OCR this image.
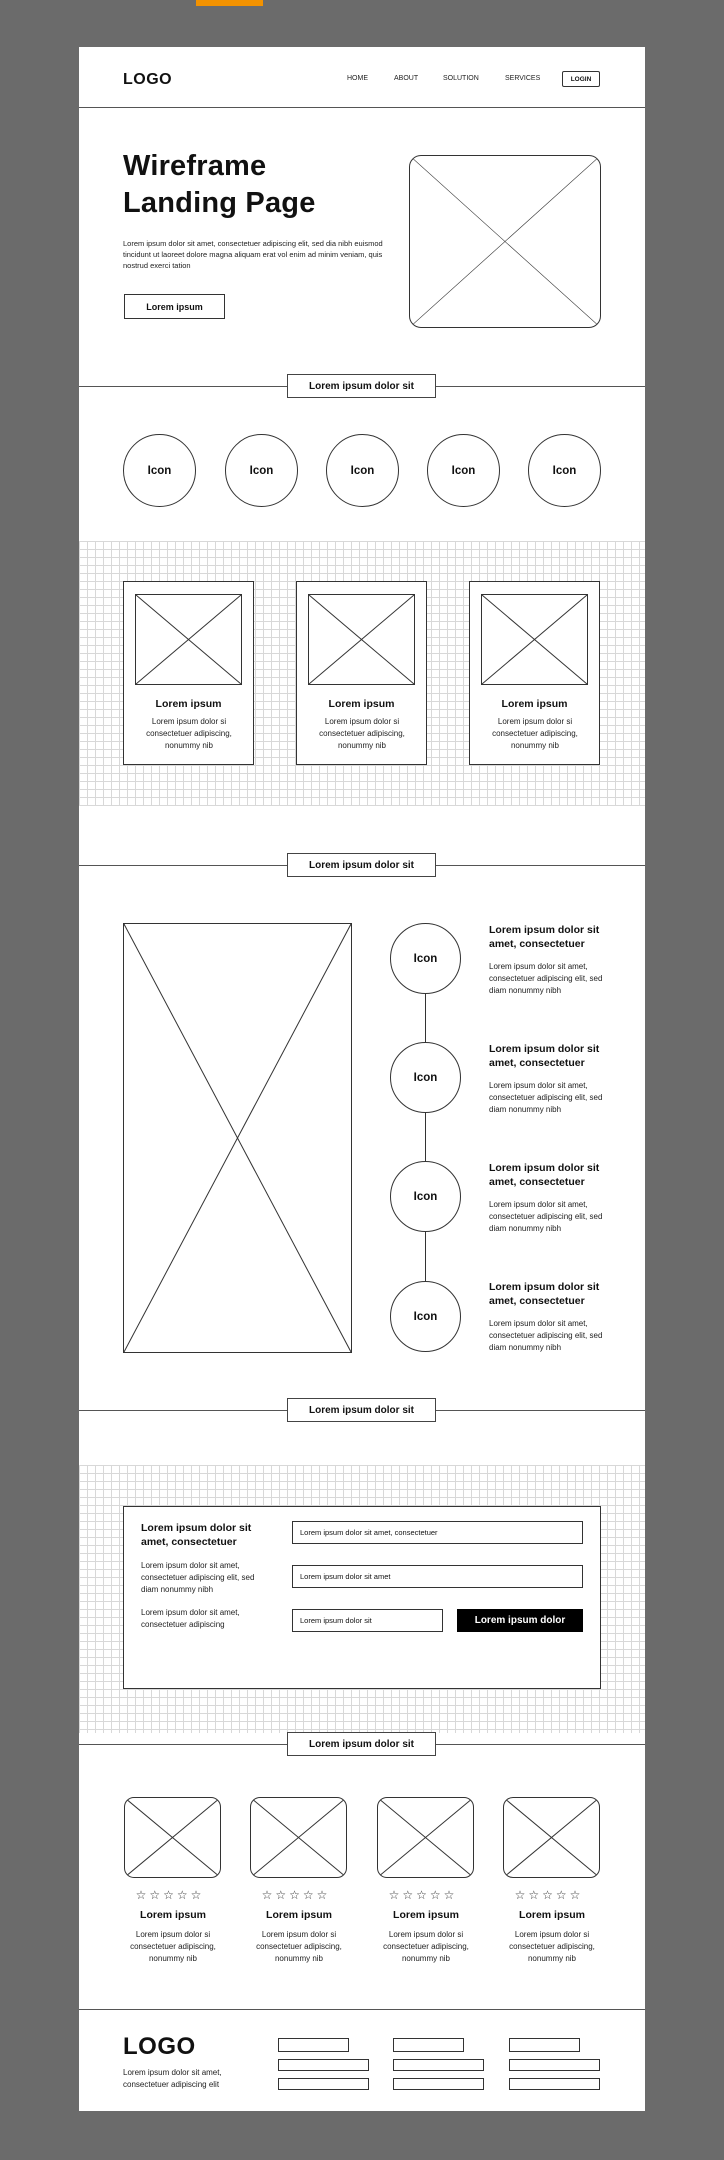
LOGO	HOME	ABOUT	SOLUTION	SERVICES	LOGIN
Wireframe
Landing Page
Lorem ipsum dolor sit amet, consectetuer adipiscing elit, sed dia nibh euismod tincidunt ut laoreet dolore magna aliquam erat vol enim ad minim veniam, quis nostrud exerci tation
Lorem ipsum
Lorem ipsum dolor sit
Icon	Icon	Icon	Icon	Icon
Lorem ipsum
Lorem ipsum dolor si consectetuer adipiscing, nonummy nib
Lorem ipsum
Lorem ipsum dolor si consectetuer adipiscing, nonummy nib
Lorem ipsum
Lorem ipsum dolor si consectetuer adipiscing, nonummy nib
Lorem ipsum dolor sit
Icon
Lorem ipsum dolor sit amet, consectetuer
Lorem ipsum dolor sit amet, consectetuer adipiscing elit, sed diam nonummy nibh
Icon
Lorem ipsum dolor sit amet, consectetuer
Lorem ipsum dolor sit amet, consectetuer adipiscing elit, sed diam nonummy nibh
Icon
Lorem ipsum dolor sit amet, consectetuer
Lorem ipsum dolor sit amet, consectetuer adipiscing elit, sed diam nonummy nibh
Icon
Lorem ipsum dolor sit amet, consectetuer
Lorem ipsum dolor sit amet, consectetuer adipiscing elit, sed diam nonummy nibh
Lorem ipsum dolor sit
Lorem ipsum dolor sit amet, consectetuer
Lorem ipsum dolor sit amet, consectetuer adipiscing elit, sed diam nonummy nibh
Lorem ipsum dolor sit amet, consectetuer adipiscing
Lorem ipsum dolor sit amet, consectetuer
Lorem ipsum dolor sit amet
Lorem ipsum dolor sit	Lorem ipsum dolor
Lorem ipsum dolor sit
☆☆☆☆☆
Lorem ipsum
Lorem ipsum dolor si consectetuer adipiscing, nonummy nib
☆☆☆☆☆
Lorem ipsum
Lorem ipsum dolor si consectetuer adipiscing, nonummy nib
☆☆☆☆☆
Lorem ipsum
Lorem ipsum dolor si consectetuer adipiscing, nonummy nib
☆☆☆☆☆
Lorem ipsum
Lorem ipsum dolor si consectetuer adipiscing, nonummy nib
LOGO
Lorem ipsum dolor sit amet, consectetuer adipiscing elit
